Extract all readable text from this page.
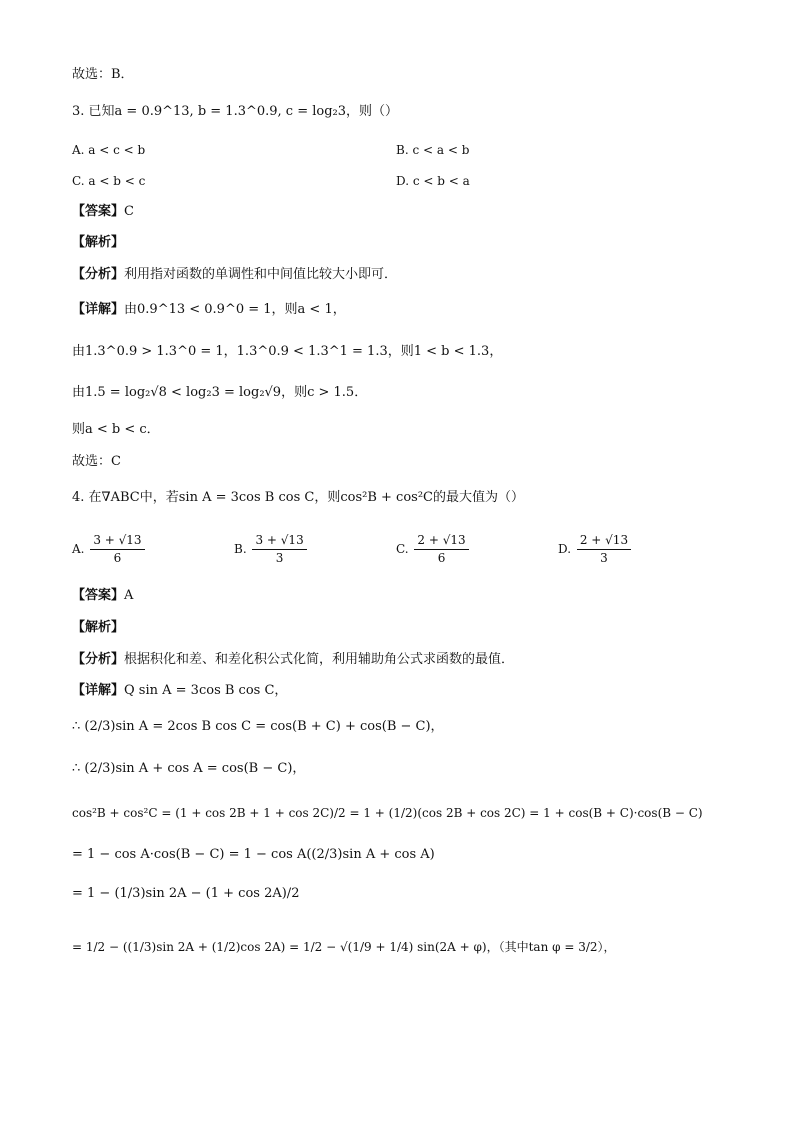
故选：B．
3. 已知a = 0.9^13, b = 1.3^0.9, c = log₂3，则（）
A. a < c < b	B. c < a < b
C. a < b < c	D. c < b < a
【答案】C
【解析】
【分析】利用指对函数的单调性和中间值比较大小即可．
【详解】由0.9^13 < 0.9^0 = 1，则a < 1，
由1.3^0.9 > 1.3^0 = 1，1.3^0.9 < 1.3^1 = 1.3，则1 < b < 1.3，
由1.5 = log₂√8 < log₂3 = log₂√9，则c > 1.5．
则a < b < c．
故选：C
4. 在∇ABC中，若sin A = 3cos B cos C，则cos²B + cos²C的最大值为（）
A. $\frac{3 + √13}{6}$	B. $\frac{3 + √13}{3}$	C. $\frac{2 + √13}{6}$	D. $\frac{2 + √13}{3}$
【答案】A
【解析】
【分析】根据积化和差、和差化积公式化简，利用辅助角公式求函数的最值．
【详解】Q sin A = 3cos B cos C，
∴ (2/3)sin A = 2cos B cos C = cos(B + C) + cos(B − C)，
∴ (2/3)sin A + cos A = cos(B − C)，
cos²B + cos²C = (1 + cos 2B + 1 + cos 2C)/2 = 1 + (1/2)(cos 2B + cos 2C) = 1 + cos(B + C)·cos(B − C)
= 1 − cos A·cos(B − C) = 1 − cos A((2/3)sin A + cos A)
= 1 − (1/3)sin 2A − (1 + cos 2A)/2
= 1/2 − ((1/3)sin 2A + (1/2)cos 2A) = 1/2 − √(1/9 + 1/4) sin(2A + φ)，（其中tan φ = 3/2），
